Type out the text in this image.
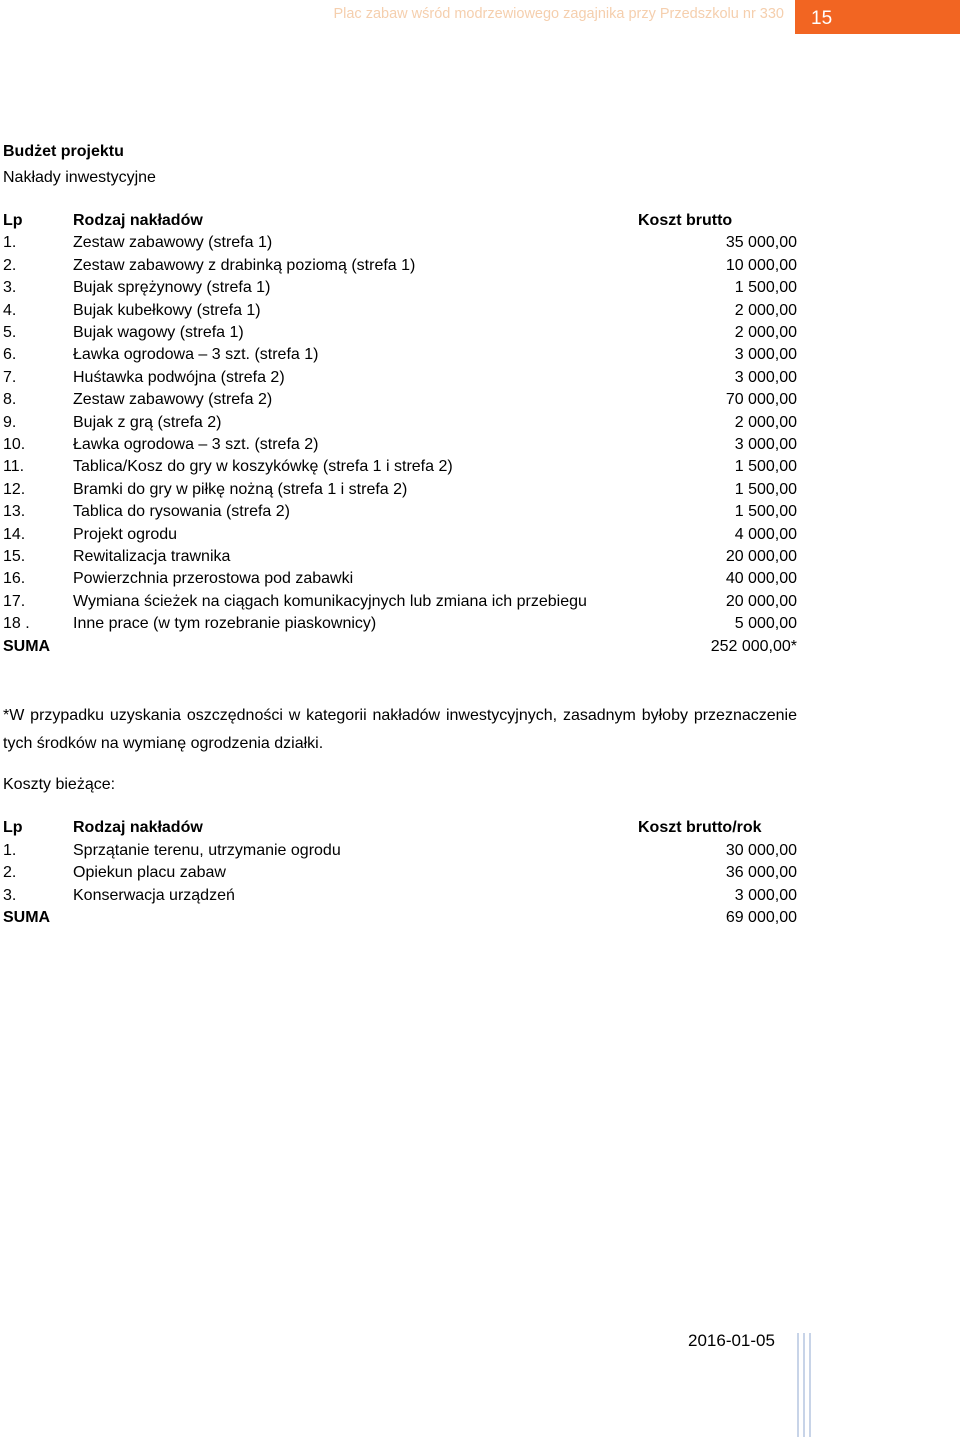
Plac zabaw wśród modrzewiowego zagajnika przy Przedszkolu nr 330	15
Budżet projektu
Nakłady inwestycyjne
Lp	Rodzaj nakładów	Koszt brutto
1.	Zestaw zabawowy (strefa 1)	35 000,00
2.	Zestaw zabawowy z drabinką poziomą (strefa 1)	10 000,00
3.	Bujak sprężynowy (strefa 1)	1 500,00
4.	Bujak kubełkowy (strefa 1)	2 000,00
5.	Bujak wagowy (strefa 1)	2 000,00
6.	Ławka ogrodowa – 3 szt. (strefa 1)	3 000,00
7.	Huśtawka podwójna (strefa 2)	3 000,00
8.	Zestaw zabawowy (strefa 2)	70 000,00
9.	Bujak z grą (strefa 2)	2 000,00
10.	Ławka ogrodowa – 3 szt. (strefa 2)	3 000,00
11.	Tablica/Kosz do gry w koszykówkę (strefa 1 i strefa 2)	1 500,00
12.	Bramki do gry w piłkę nożną (strefa 1 i strefa 2)	1 500,00
13.	Tablica do rysowania (strefa 2)	1 500,00
14.	Projekt ogrodu	4 000,00
15.	Rewitalizacja trawnika	20 000,00
16.	Powierzchnia przerostowa pod zabawki	40 000,00
17.	Wymiana ścieżek na ciągach komunikacyjnych lub zmiana ich przebiegu	20 000,00
18 .	Inne prace (w tym rozebranie piaskownicy)	5 000,00
SUMA	252 000,00*
*W przypadku uzyskania oszczędności w kategorii nakładów inwestycyjnych, zasadnym byłoby przeznaczenie tych środków na wymianę ogrodzenia działki.
Koszty bieżące:
Lp	Rodzaj nakładów	Koszt brutto/rok
1.	Sprzątanie terenu, utrzymanie ogrodu	30 000,00
2.	Opiekun placu zabaw	36 000,00
3.	Konserwacja urządzeń	3 000,00
SUMA	69 000,00
2016-01-05
